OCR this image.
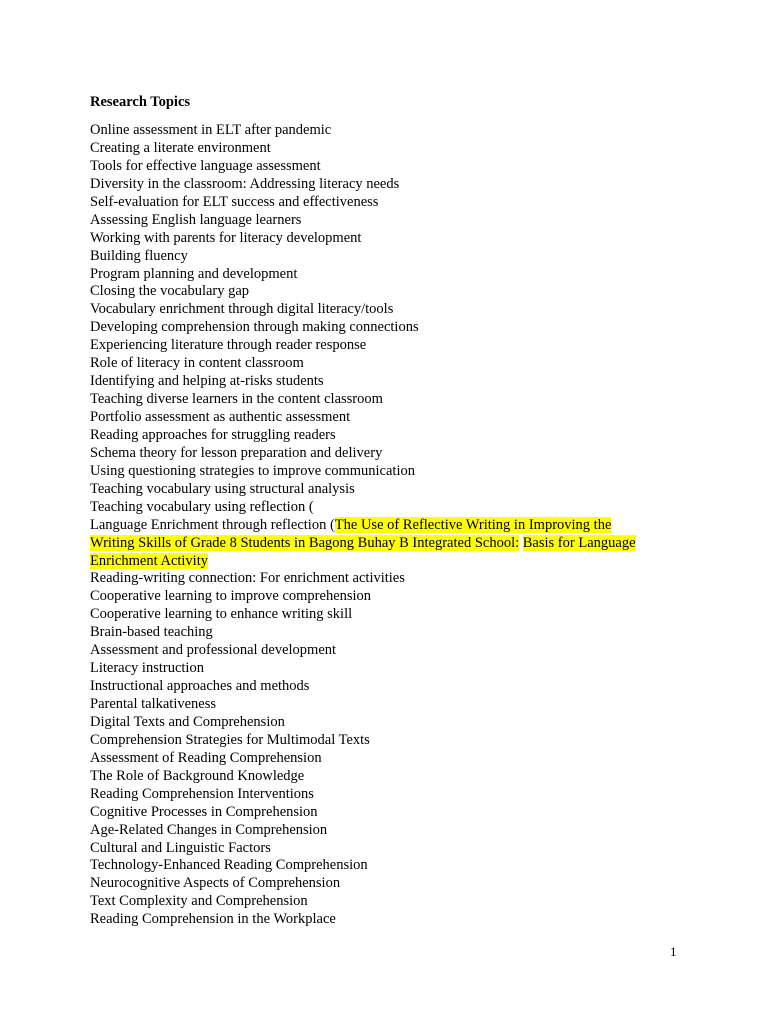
Research Topics
Online assessment in ELT after pandemic
Creating a literate environment
Tools for effective language assessment
Diversity in the classroom: Addressing literacy needs
Self-evaluation for ELT success and effectiveness
Assessing English language learners
Working with parents for literacy development
Building fluency
Program planning and development
Closing the vocabulary gap
Vocabulary enrichment through digital literacy/tools
Developing comprehension through making connections
Experiencing literature through reader response
Role of literacy in content classroom
Identifying and helping at-risks students
Teaching diverse learners in the content classroom
Portfolio assessment as authentic assessment
Reading approaches for struggling readers
Schema theory for lesson preparation and delivery
Using questioning strategies to improve communication
Teaching vocabulary using structural analysis
Teaching vocabulary using reflection (
Language Enrichment through reflection (The Use of Reflective Writing in Improving the
Writing Skills of Grade 8 Students in Bagong Buhay B Integrated School: Basis for Language
Enrichment Activity
Reading-writing connection: For enrichment activities
Cooperative learning to improve comprehension
Cooperative learning to enhance writing skill
Brain-based teaching
Assessment and professional development
Literacy instruction
Instructional approaches and methods
Parental talkativeness
Digital Texts and Comprehension
Comprehension Strategies for Multimodal Texts
Assessment of Reading Comprehension
The Role of Background Knowledge
Reading Comprehension Interventions
Cognitive Processes in Comprehension
Age-Related Changes in Comprehension
Cultural and Linguistic Factors
Technology-Enhanced Reading Comprehension
Neurocognitive Aspects of Comprehension
Text Complexity and Comprehension
Reading Comprehension in the Workplace
1
